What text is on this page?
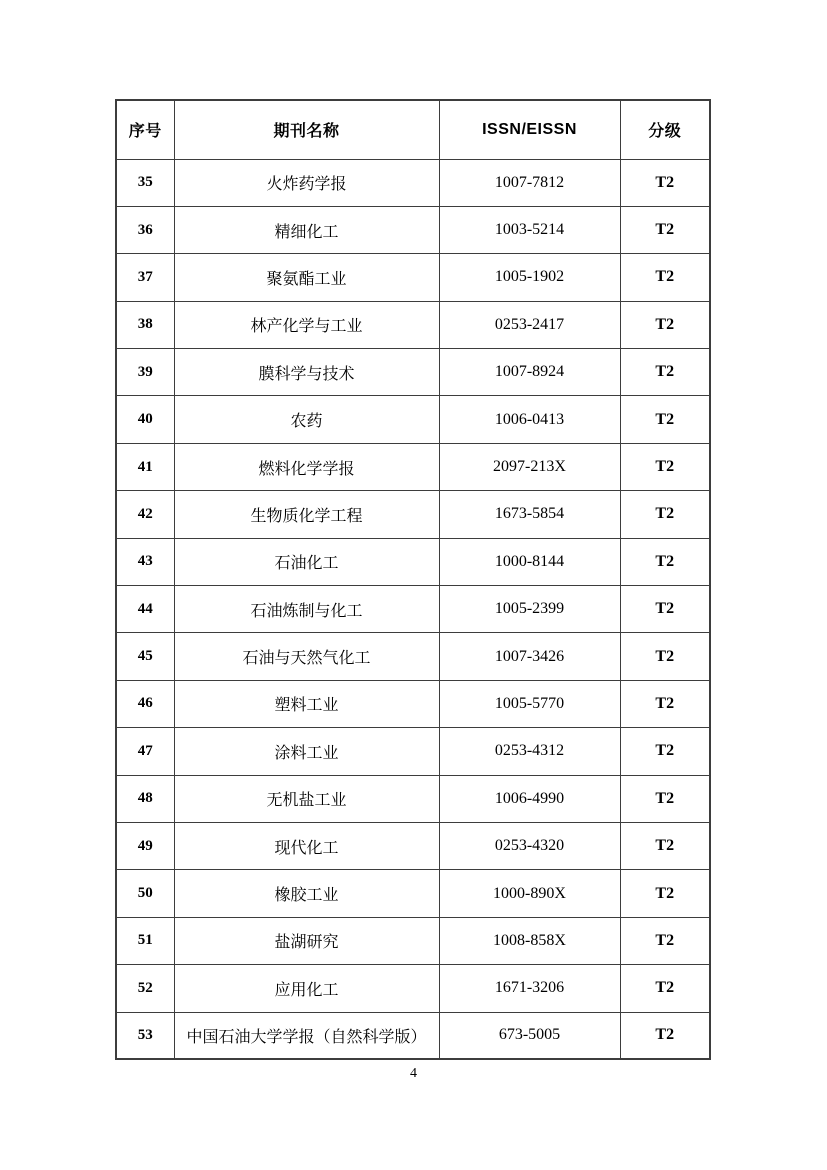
序号	期刊名称	ISSN/EISSN	分级
35	火炸药学报	1007-7812	T2
36	精细化工	1003-5214	T2
37	聚氨酯工业	1005-1902	T2
38	林产化学与工业	0253-2417	T2
39	膜科学与技术	1007-8924	T2
40	农药	1006-0413	T2
41	燃料化学学报	2097-213X	T2
42	生物质化学工程	1673-5854	T2
43	石油化工	1000-8144	T2
44	石油炼制与化工	1005-2399	T2
45	石油与天然气化工	1007-3426	T2
46	塑料工业	1005-5770	T2
47	涂料工业	0253-4312	T2
48	无机盐工业	1006-4990	T2
49	现代化工	0253-4320	T2
50	橡胶工业	1000-890X	T2
51	盐湖研究	1008-858X	T2
52	应用化工	1671-3206	T2
53	中国石油大学学报（自然科学版）	673-5005	T2
4
